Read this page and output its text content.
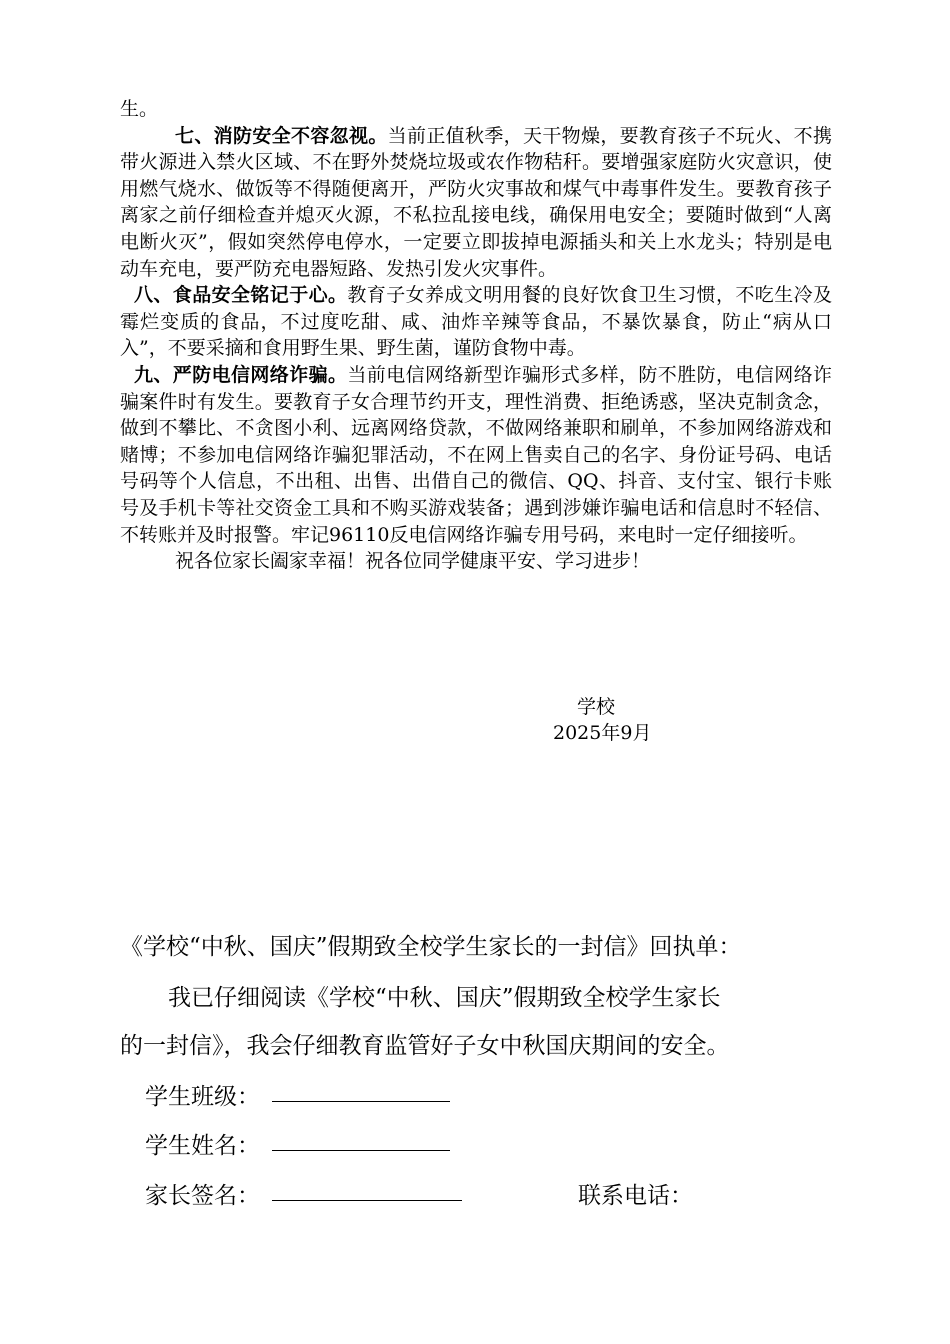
生。

七、消防安全不容忽视。当前正值秋季，天干物燥，要教育孩子不玩火、不携带火源进入禁火区域、不在野外焚烧垃圾或农作物秸秆。要增强家庭防火灾意识，使用燃气烧水、做饭等不得随便离开，严防火灾事故和煤气中毒事件发生。要教育孩子离家之前仔细检查并熄灭火源，不私拉乱接电线，确保用电安全；要随时做到“人离电断火灭”，假如突然停电停水，一定要立即拔掉电源插头和关上水龙头；特别是电动车充电，要严防充电器短路、发热引发火灾事件。

八、食品安全铭记于心。教育子女养成文明用餐的良好饮食卫生习惯，不吃生冷及霉烂变质的食品，不过度吃甜、咸、油炸辛辣等食品，不暴饮暴食，防止“病从口入”，不要采摘和食用野生果、野生菌，谨防食物中毒。

九、严防电信网络诈骗。当前电信网络新型诈骗形式多样，防不胜防，电信网络诈骗案件时有发生。要教育子女合理节约开支，理性消费、拒绝诱惑，坚决克制贪念，做到不攀比、不贪图小利、远离网络贷款，不做网络兼职和刷单，不参加网络游戏和赌博；不参加电信网络诈骗犯罪活动，不在网上售卖自己的名字、身份证号码、电话号码等个人信息，不出租、出售、出借自己的微信、QQ、抖音、支付宝、银行卡账号及手机卡等社交资金工具和不购买游戏装备；遇到涉嫌诈骗电话和信息时不轻信、不转账并及时报警。牢记96110反电信网络诈骗专用号码，来电时一定仔细接听。

祝各位家长阖家幸福！祝各位同学健康平安、学习进步！

学校
2025年9月
《学校“中秋、国庆”假期致全校学生家长的一封信》回执单：
我已仔细阅读《学校“中秋、国庆”假期致全校学生家长
的一封信》，我会仔细教育监管好子女中秋国庆期间的安全。
学生班级：
学生姓名：
家长签名：	联系电话：
